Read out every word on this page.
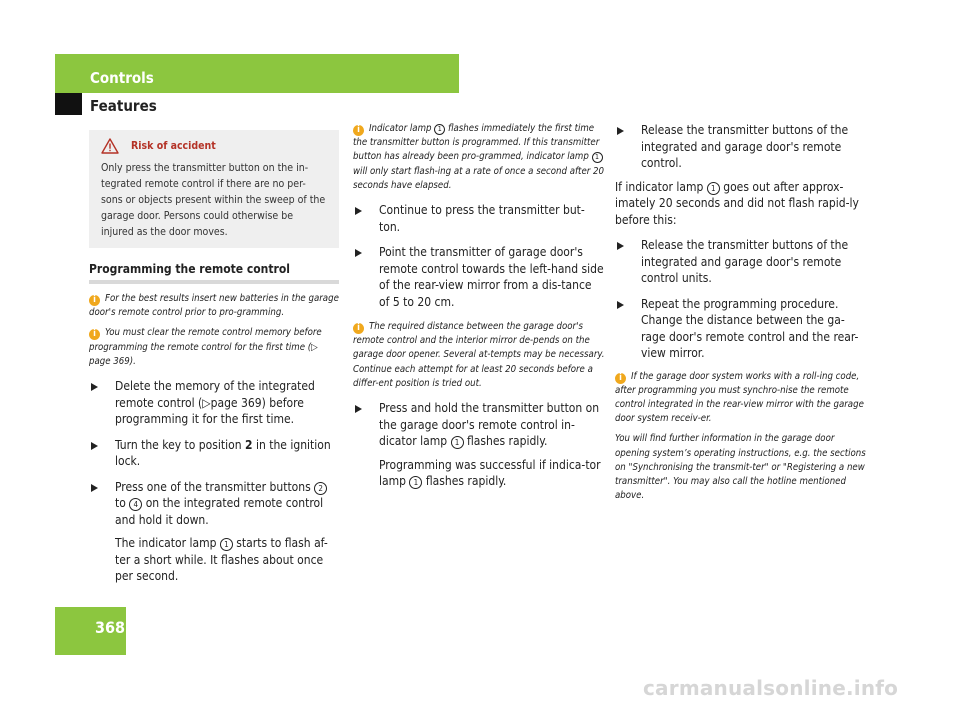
Controls
Features
Risk of accident
Only press the transmitter button on the in-tegrated remote control if there are no per-sons or objects present within the sweep of the garage door. Persons could otherwise be injured as the door moves.
Programming the remote control

i For the best results insert new batteries in the garage door's remote control prior to pro-gramming.

i You must clear the remote control memory before programming the remote control for the first time (▷ page 369).

Delete the memory of the integrated remote control (▷page 369) before programming it for the first time.
Turn the key to position 2 in the ignition lock.
Press one of the transmitter buttons 2 to 4 on the integrated remote control and hold it down.
The indicator lamp 1 starts to flash af-ter a short while. It flashes about once per second.

i Indicator lamp 1 flashes immediately the first time the transmitter button is programmed. If this transmitter button has already been pro-grammed, indicator lamp 1 will only start flash-ing at a rate of once a second after 20 seconds have elapsed.

Continue to press the transmitter but-ton.
Point the transmitter of garage door's remote control towards the left-hand side of the rear-view mirror from a dis-tance of 5 to 20 cm.

i The required distance between the garage door's remote control and the interior mirror de-pends on the garage door opener. Several at-tempts may be necessary. Continue each attempt for at least 20 seconds before a differ-ent position is tried out.

Press and hold the transmitter button on the garage door's remote control in-dicator lamp 1 flashes rapidly.
Programming was successful if indica-tor lamp 1 flashes rapidly.
Release the transmitter buttons of the integrated and garage door's remote control.
If indicator lamp 1 goes out after approx-imately 20 seconds and did not flash rapid-ly before this:
Release the transmitter buttons of the integrated and garage door's remote control units.
Repeat the programming procedure. Change the distance between the ga-rage door's remote control and the rear-view mirror.

i If the garage door system works with a roll-ing code, after programming you must synchro-nise the remote control integrated in the rear-view mirror with the garage door system receiv-er.

You will find further information in the garage door opening system’s operating instructions, e.g. the sections on "Synchronising the transmit-ter" or "Registering a new transmitter". You may also call the hotline mentioned above.

368
carmanualsonline.info
